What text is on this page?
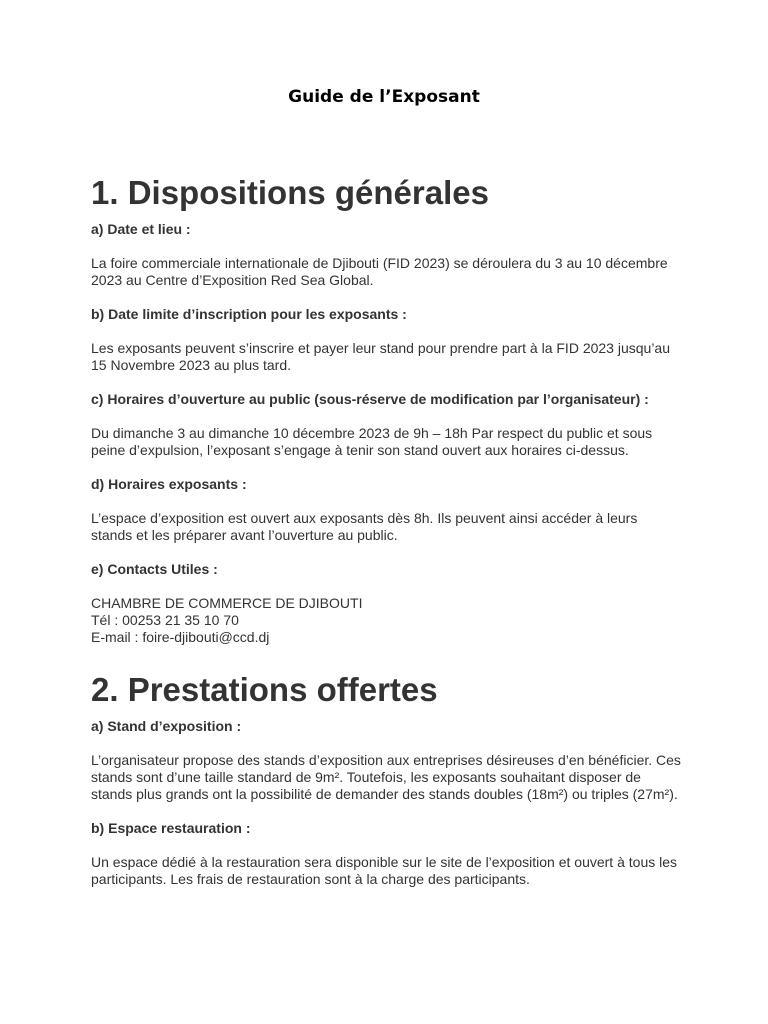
Guide de l’Exposant
1. Dispositions générales

a) Date et lieu :

La foire commerciale internationale de Djibouti (FID 2023) se déroulera du 3 au 10 décembre 2023 au Centre d’Exposition Red Sea Global.

b) Date limite d’inscription pour les exposants :

Les exposants peuvent s’inscrire et payer leur stand pour prendre part à la FID 2023 jusqu’au 15 Novembre 2023 au plus tard.

c) Horaires d’ouverture au public (sous-réserve de modification par l’organisateur) :

Du dimanche 3 au dimanche 10 décembre 2023 de 9h – 18h Par respect du public et sous peine d’expulsion, l’exposant s’engage à tenir son stand ouvert aux horaires ci-dessus.

d) Horaires exposants :

L’espace d’exposition est ouvert aux exposants dès 8h. Ils peuvent ainsi accéder à leurs stands et les préparer avant l’ouverture au public.

e) Contacts Utiles :

CHAMBRE DE COMMERCE DE DJIBOUTI

Tél : 00253 21 35 10 70

E-mail : foire-djibouti@ccd.dj

2. Prestations offertes

a) Stand d’exposition :

L’organisateur propose des stands d’exposition aux entreprises désireuses d’en bénéficier. Ces stands sont d’une taille standard de 9m². Toutefois, les exposants souhaitant disposer de stands plus grands ont la possibilité de demander des stands doubles (18m²) ou triples (27m²).

b) Espace restauration :

Un espace dédié à la restauration sera disponible sur le site de l’exposition et ouvert à tous les participants. Les frais de restauration sont à la charge des participants.
